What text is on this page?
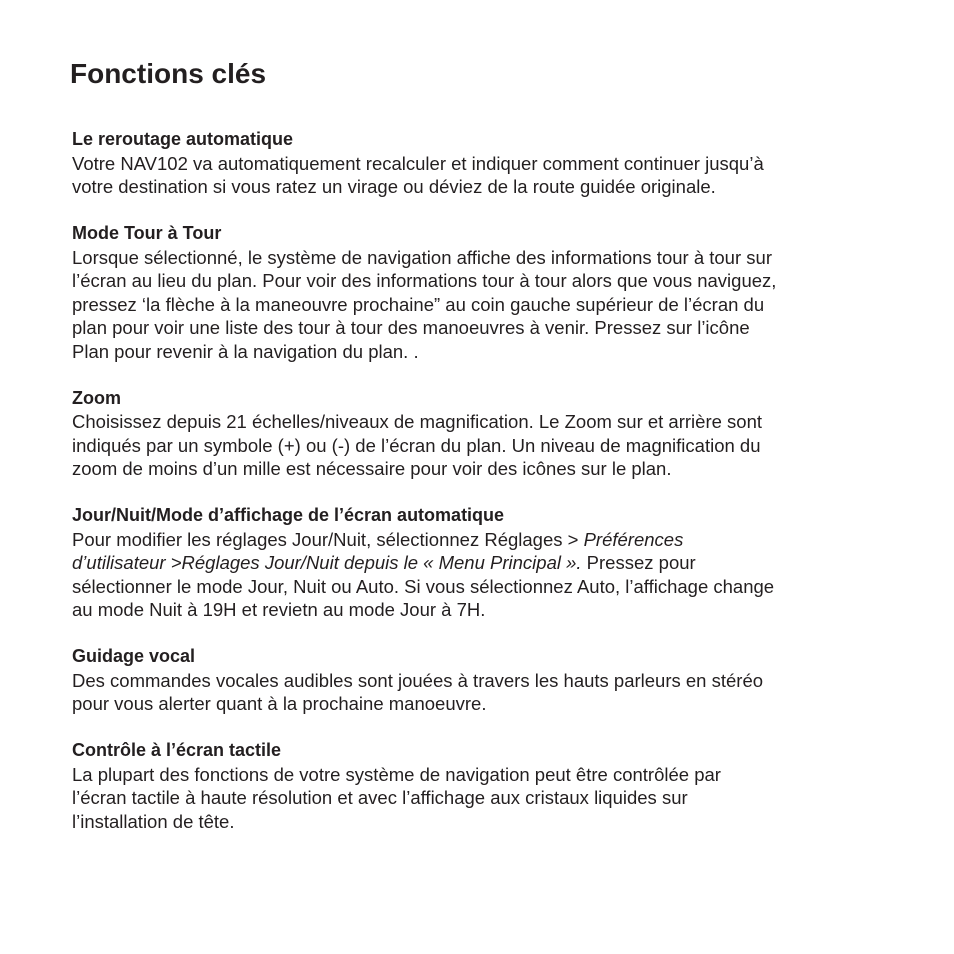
Fonctions clés
Le reroutage automatique

Votre NAV102 va automatiquement recalculer et indiquer comment continuer jusqu’à
votre destination si vous ratez un virage ou déviez de la route guidée originale.

Mode Tour à Tour

Lorsque sélectionné, le système de navigation affiche des informations tour à tour sur
l’écran au lieu du plan. Pour voir des informations tour à tour alors que vous naviguez,
pressez ‘la flèche à la maneouvre prochaine” au coin gauche supérieur de l’écran du
plan pour voir une liste des tour à tour des manoeuvres à venir. Pressez sur l’icône
Plan pour revenir à la navigation du plan. .

Zoom

Choisissez depuis 21 échelles/niveaux de magnification. Le Zoom sur et arrière sont
indiqués par un symbole (+) ou (-) de l’écran du plan. Un niveau de magnification du
zoom de moins d’un mille est nécessaire pour voir des icônes sur le plan.

Jour/Nuit/Mode d’affichage de l’écran automatique

Pour modifier les réglages Jour/Nuit, sélectionnez Réglages > Préférences
d’utilisateur >Réglages Jour/Nuit depuis le « Menu Principal ». Pressez pour
sélectionner le mode Jour, Nuit ou Auto. Si vous sélectionnez Auto, l’affichage change
au mode Nuit à 19H et revietn au mode Jour à 7H.

Guidage vocal

Des commandes vocales audibles sont jouées à travers les hauts parleurs en stéréo
pour vous alerter quant à la prochaine manoeuvre.

Contrôle à l’écran tactile

La plupart des fonctions de votre système de navigation peut être contrôlée par
l’écran tactile à haute résolution et avec l’affichage aux cristaux liquides sur
l’installation de tête.
